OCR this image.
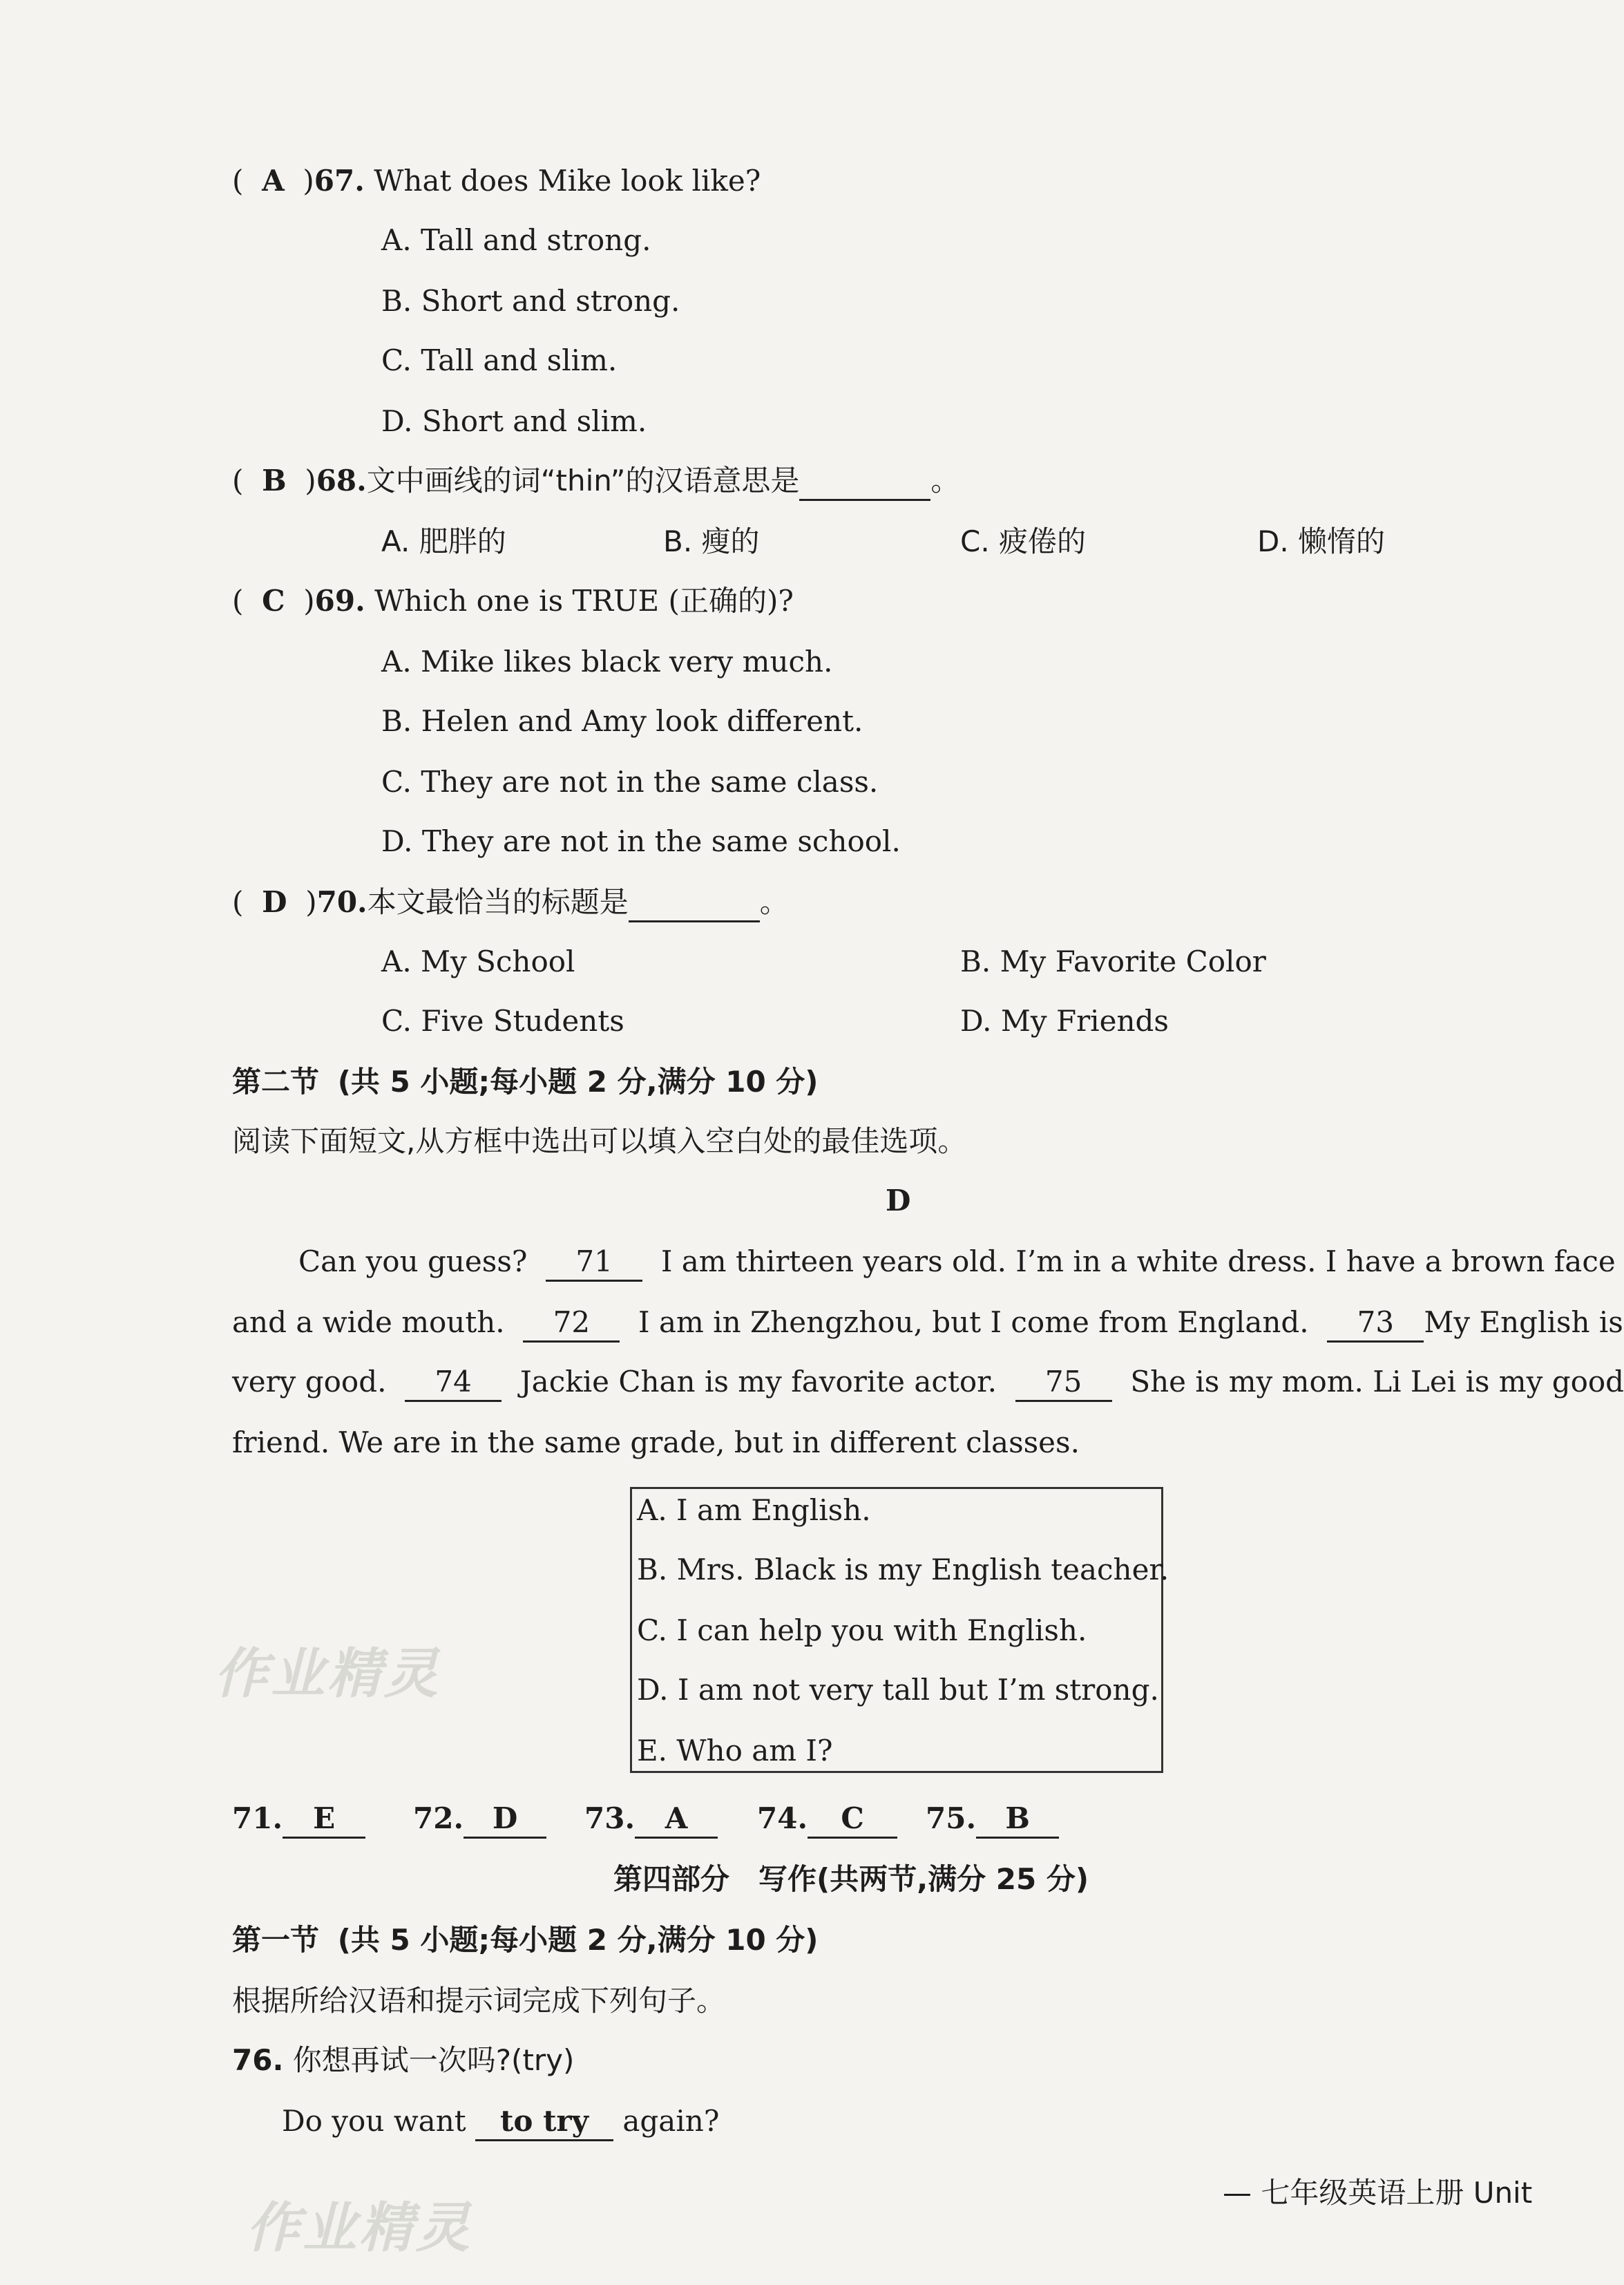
(  A  )67. What does Mike look like?
A. Tall and strong.
B. Short and strong.
C. Tall and slim.
D. Short and slim.
(  B  )68.文中画线的词“thin”的汉语意思是	。
A. 肥胖的	B. 瘦的	C. 疲倦的	D. 懒惰的
(  C  )69. Which one is TRUE (正确的)?
A. Mike likes black very much.
B. Helen and Amy look different.
C. They are not in the same class.
D. They are not in the same school.
(  D  )70.本文最恰当的标题是	。
A. My School	B. My Favorite Color
C. Five Students	D. My Friends
第二节 (共 5 小题;每小题 2 分,满分 10 分)
阅读下面短文,从方框中选出可以填入空白处的最佳选项。
D
Can you guess? 71 I am thirteen years old. I’m in a white dress. I have a brown face
and a wide mouth. 72 I am in Zhengzhou, but I come from England. 73 My English is
very good. 74 Jackie Chan is my favorite actor. 75 She is my mom. Li Lei is my good
friend. We are in the same grade, but in different classes.
A. I am English.
B. Mrs. Black is my English teacher.
C. I can help you with English.
D. I am not very tall but I’m strong.
E. Who am I?
作业精灵
71. E	72. D	73. A	74. C	75. B
第四部分　写作(共两节,满分 25 分)
第一节 (共 5 小题;每小题 2 分,满分 10 分)
根据所给汉语和提示词完成下列句子。
76. 你想再试一次吗?(try)
Do you want to try again?
作业精灵
— 七年级英语上册 Unit
